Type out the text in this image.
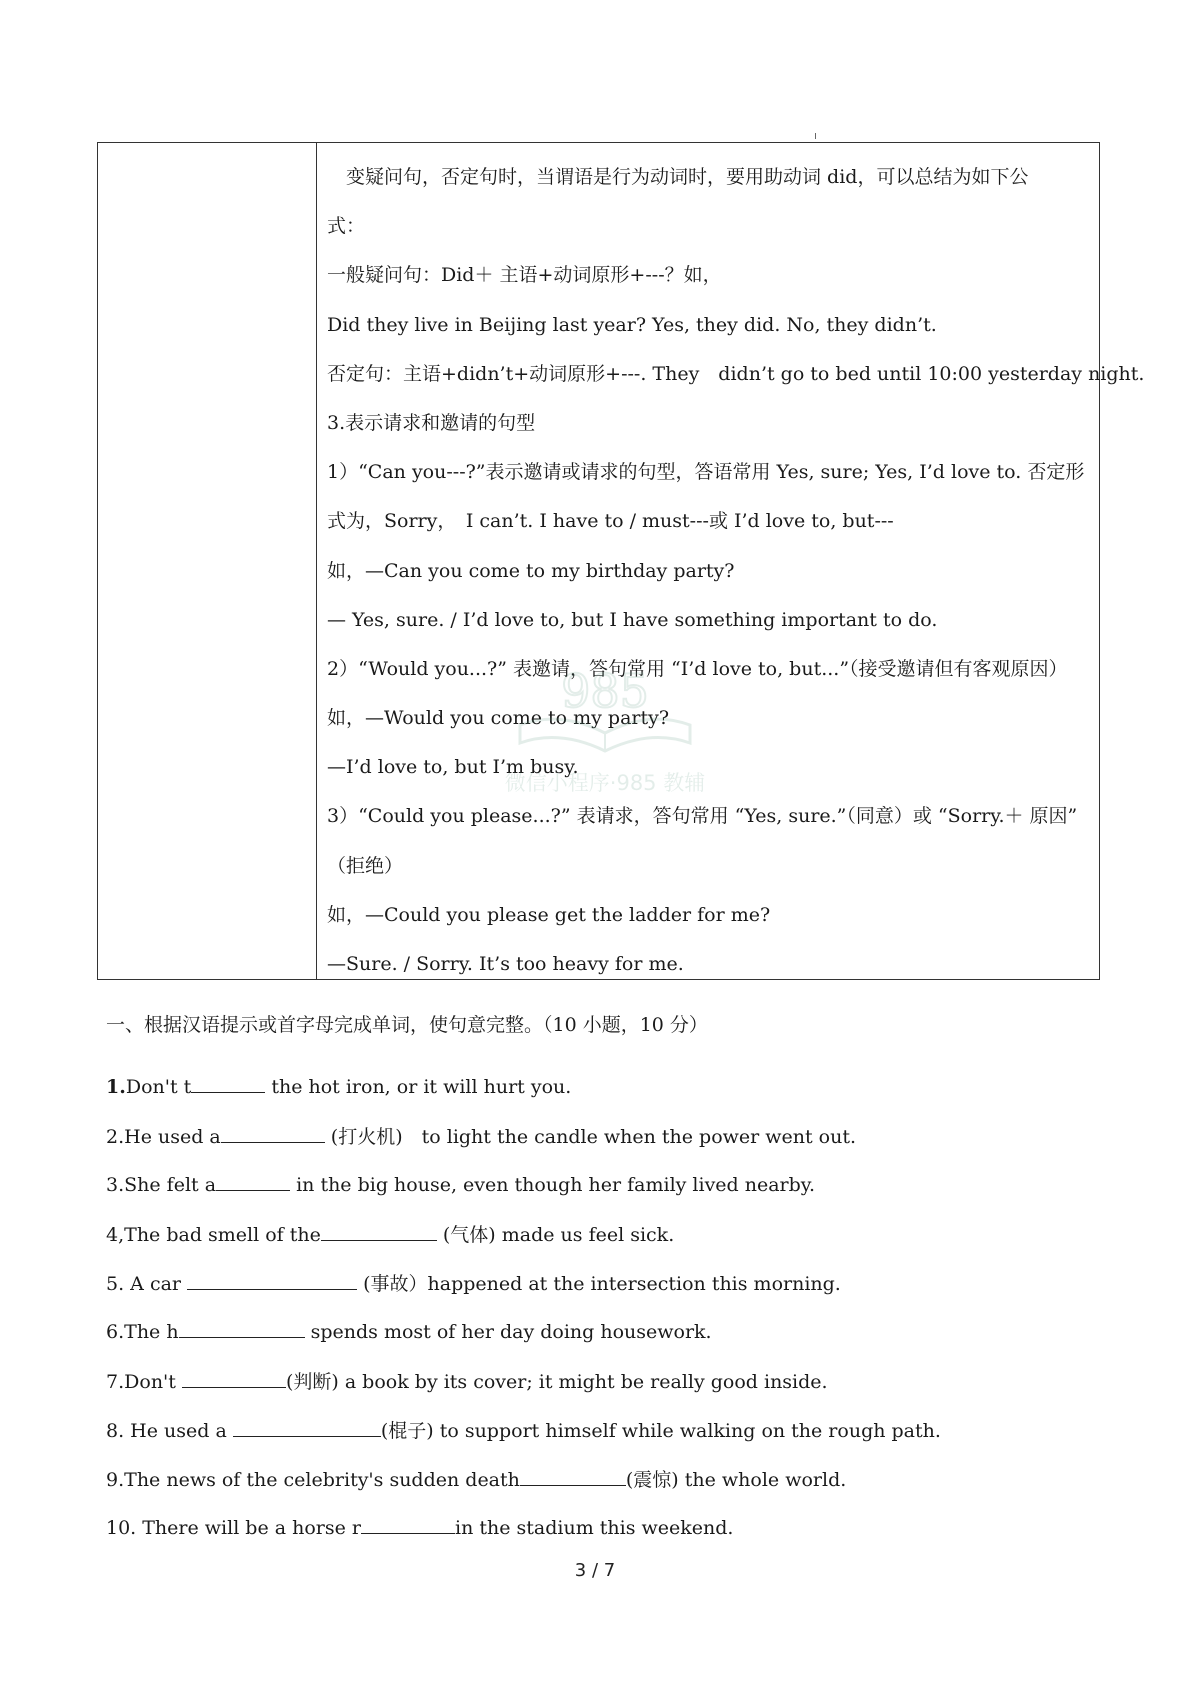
变疑问句，否定句时，当谓语是行为动词时，要用助动词 did，可以总结为如下公
式：
一般疑问句：Did＋ 主语+动词原形+---？如，
Did they live in Beijing last year? Yes, they did. No, they didn’t.
否定句：主语+didn’t+动词原形+---. They　didn’t go to bed until 10:00 yesterday night.
3.表示请求和邀请的句型
1）“Can you---?”表示邀请或请求的句型，答语常用 Yes, sure; Yes, I’d love to. 否定形
式为，Sorry，　I can’t. I have to / must---或 I’d love to, but---
如，—Can you come to my birthday party?
— Yes, sure. / I’d love to, but I have something important to do.
2）“Would you...?” 表邀请，答句常用 “I’d love to, but...”（接受邀请但有客观原因）
如，—Would you come to my party?
—I’d love to, but I’m busy.
3）“Could you please...?” 表请求，答句常用 “Yes, sure.”（同意）或 “Sorry.＋ 原因”
（拒绝）
如，—Could you please get the ladder for me?
—Sure. / Sorry. It’s too heavy for me.
985
微信小程序·985 教辅
一、根据汉语提示或首字母完成单词，使句意完整。（10 小题，10 分）
1.Don't t	the hot iron, or it will hurt you.
2.He used a	(打火机)　to light the candle when the power went out.
3.She felt a	in the big house, even though her family lived nearby.
4,The bad smell of the	(气体) made us feel sick.
5. A car	(事故）happened at the intersection this morning.
6.The h	spends most of her day doing housework.
7.Don't	(判断) a book by its cover; it might be really good inside.
8. He used a	(棍子) to support himself while walking on the rough path.
9.The news of the celebrity's sudden death	(震惊) the whole world.
10. There will be a horse r	in the stadium this weekend.
3 / 7
